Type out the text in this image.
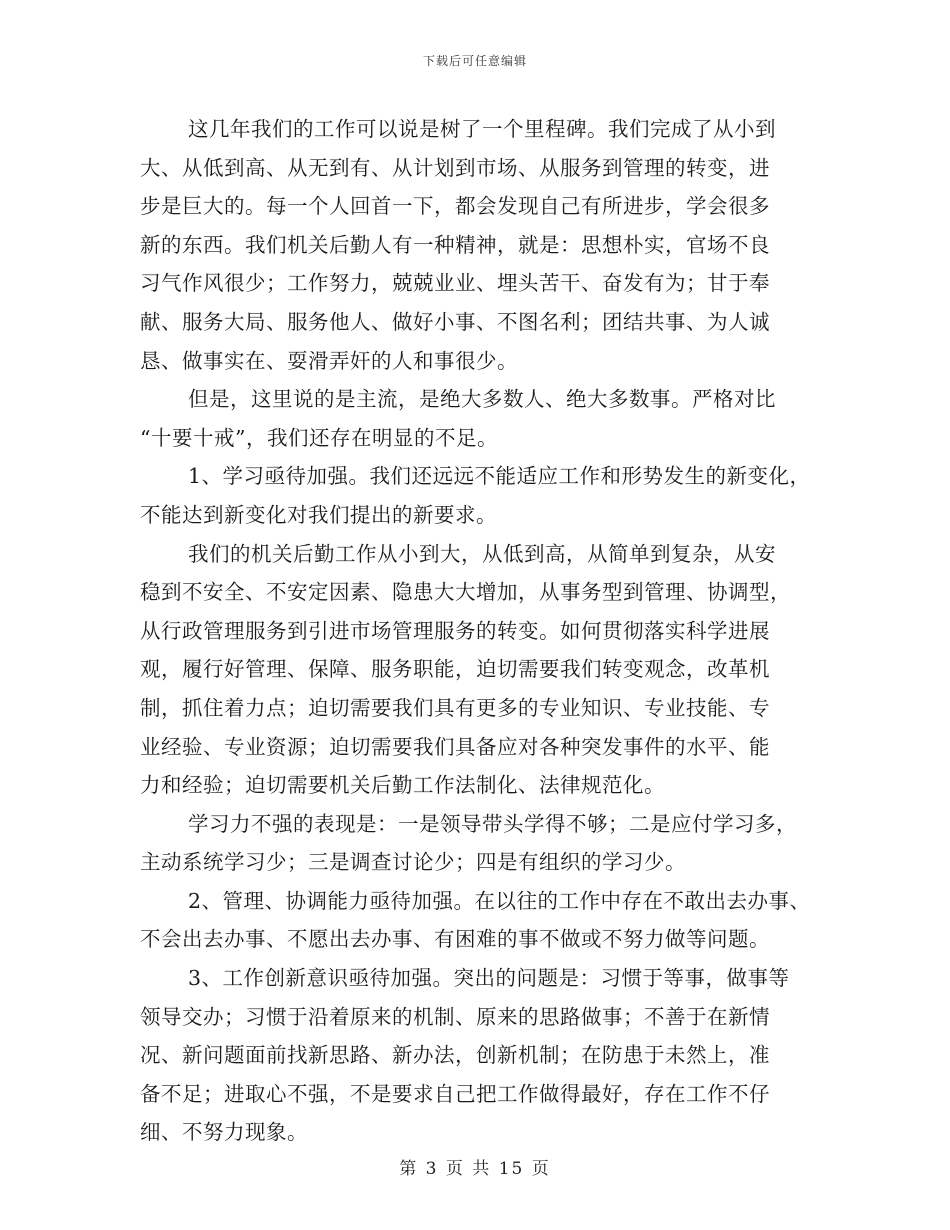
下载后可任意编辑
这几年我们的工作可以说是树了一个里程碑。我们完成了从小到
大、从低到高、从无到有、从计划到市场、从服务到管理的转变，进
步是巨大的。每一个人回首一下，都会发现自己有所进步，学会很多
新的东西。我们机关后勤人有一种精神，就是：思想朴实，官场不良
习气作风很少；工作努力，兢兢业业、埋头苦干、奋发有为；甘于奉
献、服务大局、服务他人、做好小事、不图名利；团结共事、为人诚
恳、做事实在、耍滑弄奸的人和事很少。
但是，这里说的是主流，是绝大多数人、绝大多数事。严格对比
“十要十戒”，我们还存在明显的不足。
1、学习亟待加强。我们还远远不能适应工作和形势发生的新变化，
不能达到新变化对我们提出的新要求。
我们的机关后勤工作从小到大，从低到高，从简单到复杂，从安
稳到不安全、不安定因素、隐患大大增加，从事务型到管理、协调型，
从行政管理服务到引进市场管理服务的转变。如何贯彻落实科学进展
观，履行好管理、保障、服务职能，迫切需要我们转变观念，改革机
制，抓住着力点；迫切需要我们具有更多的专业知识、专业技能、专
业经验、专业资源；迫切需要我们具备应对各种突发事件的水平、能
力和经验；迫切需要机关后勤工作法制化、法律规范化。
学习力不强的表现是：一是领导带头学得不够；二是应付学习多，
主动系统学习少；三是调查讨论少；四是有组织的学习少。
2、管理、协调能力亟待加强。在以往的工作中存在不敢出去办事、
不会出去办事、不愿出去办事、有困难的事不做或不努力做等问题。
3、工作创新意识亟待加强。突出的问题是：习惯于等事，做事等
领导交办；习惯于沿着原来的机制、原来的思路做事；不善于在新情
况、新问题面前找新思路、新办法，创新机制；在防患于未然上，准
备不足；进取心不强，不是要求自己把工作做得最好，存在工作不仔
细、不努力现象。
第 3 页 共 15 页
